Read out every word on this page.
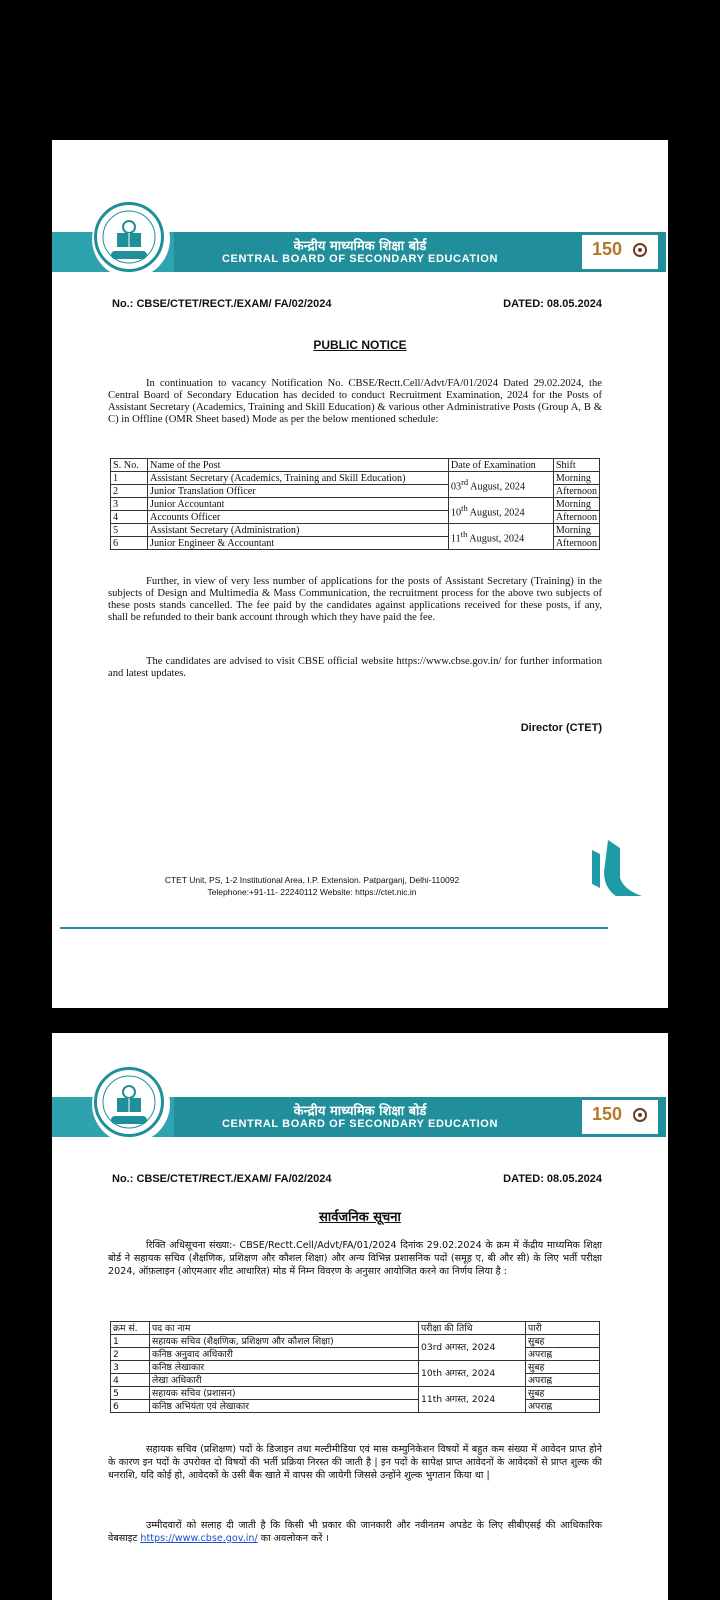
केन्द्रीय माध्यमिक शिक्षा बोर्ड
CENTRAL BOARD OF SECONDARY EDUCATION	150
No.: CBSE/CTET/RECT./EXAM/ FA/02/2024	DATED: 08.05.2024
PUBLIC NOTICE

In continuation to vacancy Notification No. CBSE/Rectt.Cell/Advt/FA/01/2024 Dated 29.02.2024, the Central Board of Secondary Education has decided to conduct Recruitment Examination, 2024 for the Posts of Assistant Secretary (Academics, Training and Skill Education) & various other Administrative Posts (Group A, B & C) in Offline (OMR Sheet based) Mode as per the below mentioned schedule:

S. No.	Name of the Post	Date of Examination	Shift
1	Assistant Secretary (Academics, Training and Skill Education)	03rd August, 2024	Morning
2	Junior Translation Officer		Afternoon
3	Junior Accountant	10th August, 2024	Morning
4	Accounts Officer		Afternoon
5	Assistant Secretary (Administration)	11th August, 2024	Morning
6	Junior Engineer & Accountant		Afternoon

Further, in view of very less number of applications for the posts of Assistant Secretary (Training) in the subjects of Design and Multimedia & Mass Communication, the recruitment process for the above two subjects of these posts stands cancelled. The fee paid by the candidates against applications received for these posts, if any, shall be refunded to their bank account through which they have paid the fee.

The candidates are advised to visit CBSE official website https://www.cbse.gov.in/ for further information and latest updates.

Director (CTET)
CTET Unit, PS, 1-2 Institutional Area, I.P. Extension. Patparganj, Delhi-110092
Telephone:+91-11- 22240112 Website: https://ctet.nic.in
केन्द्रीय माध्यमिक शिक्षा बोर्ड
CENTRAL BOARD OF SECONDARY EDUCATION	150
No.: CBSE/CTET/RECT./EXAM/ FA/02/2024	DATED: 08.05.2024
सार्वजनिक सूचना

रिक्ति अधिसूचना संख्या:- CBSE/Rectt.Cell/Advt/FA/01/2024 दिनांक 29.02.2024 के क्रम में केंद्रीय माध्यमिक शिक्षा बोर्ड ने सहायक सचिव (शैक्षणिक, प्रशिक्षण और कौशल शिक्षा) और अन्य विभिन्न प्रशासनिक पदों (समूह ए, बी और सी) के लिए भर्ती परीक्षा 2024, ऑफ़लाइन (ओएमआर शीट आधारित) मोड में निम्न विवरण के अनुसार आयोजित करने का निर्णय लिया है :

क्रम सं.	पद का नाम	परीक्षा की तिथि	पारी
1	सहायक सचिव (शैक्षणिक, प्रशिक्षण और कौशल शिक्षा)	03rd अगस्त, 2024	सुबह
2	कनिष्ठ अनुवाद अधिकारी		अपराह्न
3	कनिष्ठ लेखाकार	10th अगस्त, 2024	सुबह
4	लेखा अधिकारी		अपराह्न
5	सहायक सचिव (प्रशासन)	11th अगस्त, 2024	सुबह
6	कनिष्ठ अभियंता एवं लेखाकार		अपराह्न

सहायक सचिव (प्रशिक्षण) पदों के डिजाइन तथा मल्टीमीडिया एवं मास कम्युनिकेशन विषयों में बहुत कम संख्या में आवेदन प्राप्त होने के कारण इन पदों के उपरोक्त दो विषयों की भर्ती प्रक्रिया निरस्त की जाती है | इन पदों के सापेक्ष प्राप्त आवेदनों के आवेदकों से प्राप्त शुल्क की धनराशि, यदि कोई हो, आवेदकों के उसी बैंक खाते में वापस की जायेगी जिससे उन्होंने शुल्क भुगतान किया था |

उम्मीदवारों को सलाह दी जाती है कि किसी भी प्रकार की जानकारी और नवीनतम अपडेट के लिए सीबीएसई की आधिकारिक वेबसाइट https://www.cbse.gov.in/ का अवलोकन करें ।
